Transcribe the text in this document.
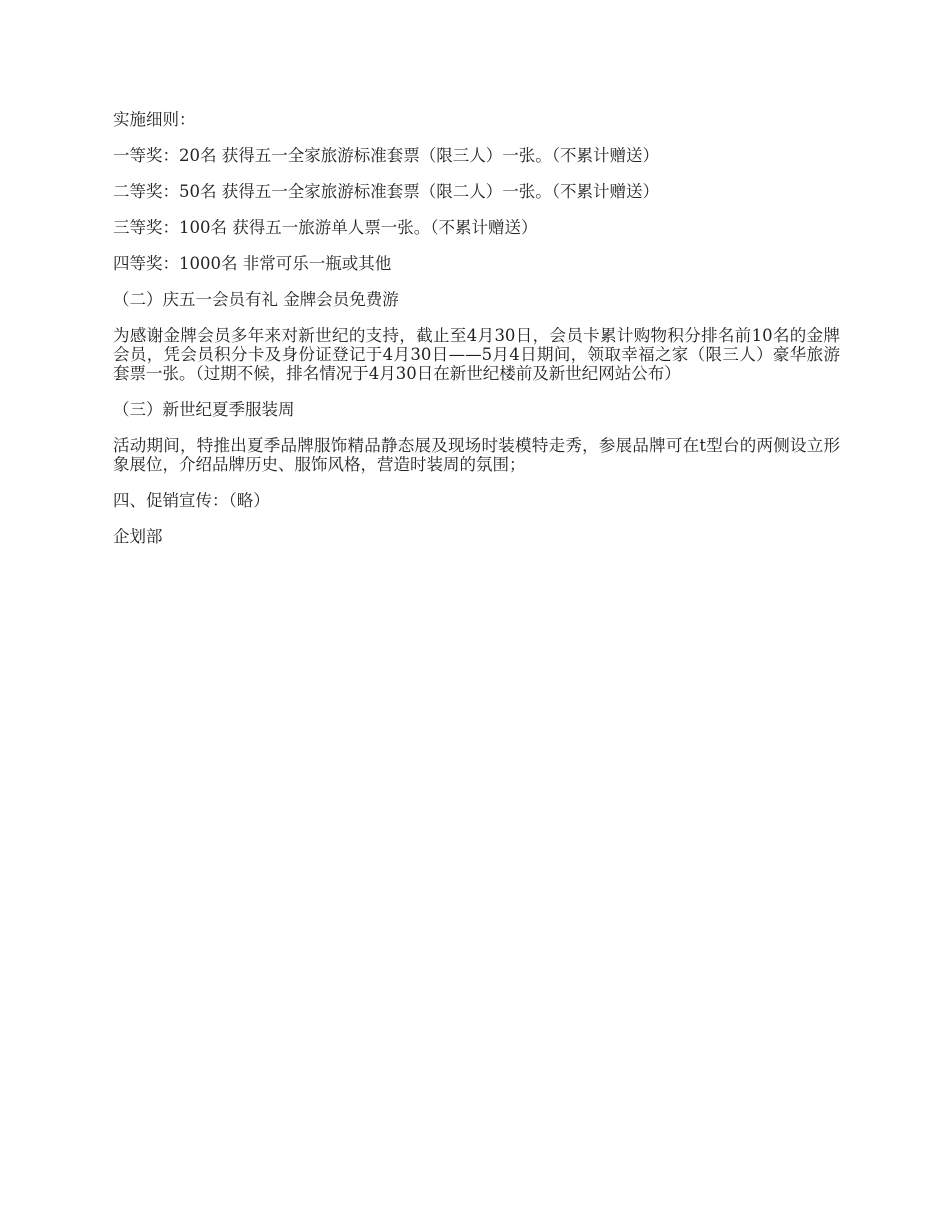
实施细则：

一等奖：20名 获得五一全家旅游标准套票（限三人）一张。（不累计赠送）

二等奖：50名 获得五一全家旅游标准套票（限二人）一张。（不累计赠送）

三等奖：100名 获得五一旅游单人票一张。（不累计赠送）

四等奖：1000名 非常可乐一瓶或其他

（二）庆五一会员有礼 金牌会员免费游

为感谢金牌会员多年来对新世纪的支持，截止至4月30日，会员卡累计购物积分排名前10名的金牌会员，凭会员积分卡及身份证登记于4月30日——5月4日期间，领取幸福之家（限三人）豪华旅游套票一张。（过期不候，排名情况于4月30日在新世纪楼前及新世纪网站公布）

（三）新世纪夏季服装周

活动期间，特推出夏季品牌服饰精品静态展及现场时装模特走秀，参展品牌可在t型台的两侧设立形象展位，介绍品牌历史、服饰风格，营造时装周的氛围；

四、促销宣传：（略）

企划部
